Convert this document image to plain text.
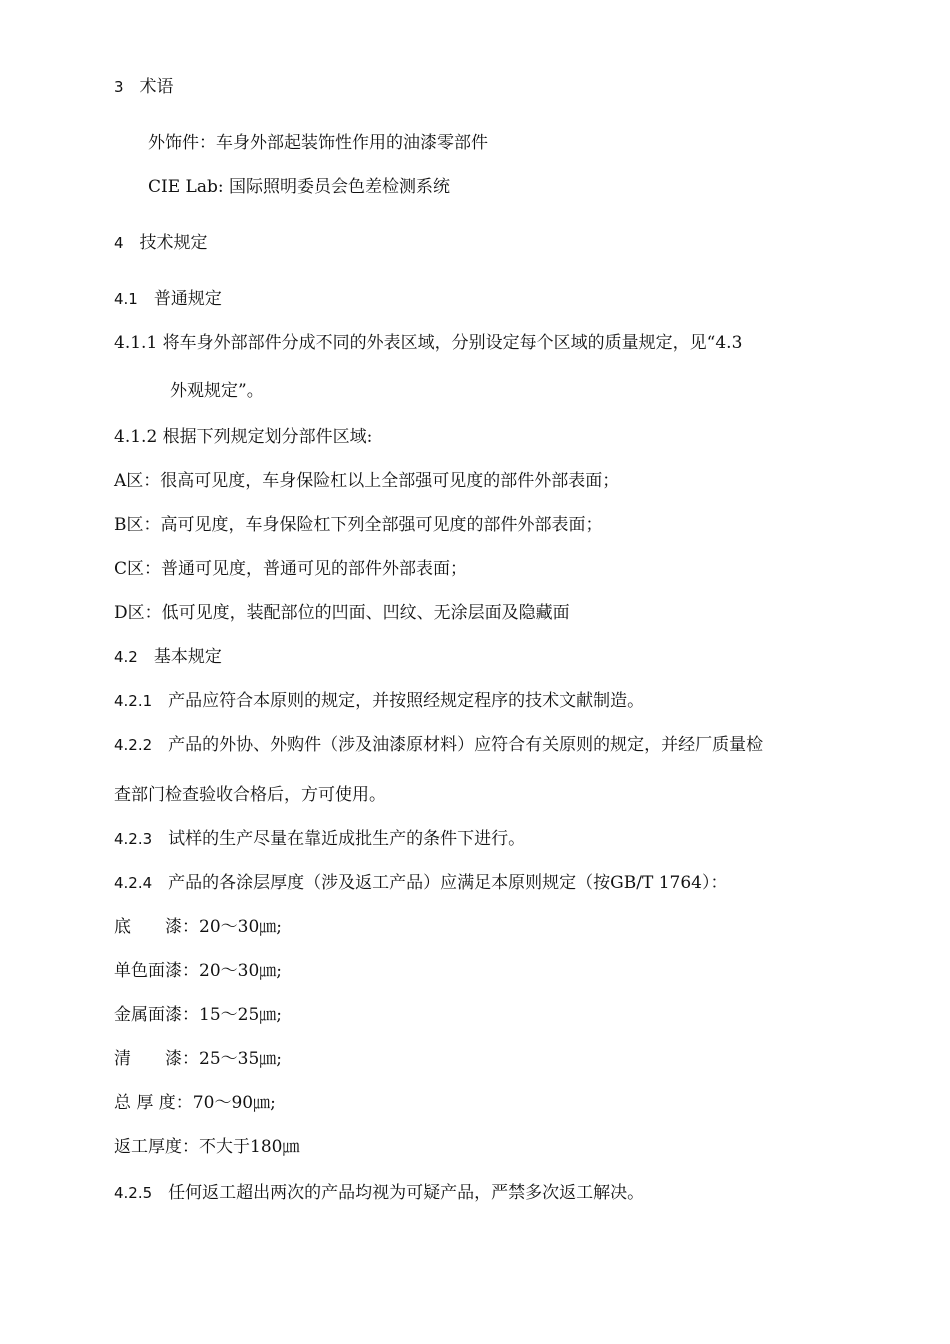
3 术语
外饰件：车身外部起装饰性作用的油漆零部件
CIE Lab: 国际照明委员会色差检测系统
4 技术规定
4.1 普通规定
4.1.1 将车身外部部件分成不同的外表区域，分别设定每个区域的质量规定，见“4.3
外观规定”。
4.1.2 根据下列规定划分部件区域:
A区：很高可见度，车身保险杠以上全部强可见度的部件外部表面；
B区：高可见度，车身保险杠下列全部强可见度的部件外部表面；
C区：普通可见度，普通可见的部件外部表面；
D区：低可见度，装配部位的凹面、凹纹、无涂层面及隐藏面
4.2 基本规定
4.2.1 产品应符合本原则的规定，并按照经规定程序的技术文献制造。
4.2.2 产品的外协、外购件（涉及油漆原材料）应符合有关原则的规定，并经厂质量检
查部门检查验收合格后，方可使用。
4.2.3 试样的生产尽量在靠近成批生产的条件下进行。
4.2.4 产品的各涂层厚度（涉及返工产品）应满足本原则规定（按GB/T 1764）：
底　　漆：20～30㎛;
单色面漆：20～30㎛;
金属面漆：15～25㎛;
清　　漆：25～35㎛;
总 厚 度：70～90㎛;
返工厚度：不大于180㎛
4.2.5 任何返工超出两次的产品均视为可疑产品，严禁多次返工解决。
